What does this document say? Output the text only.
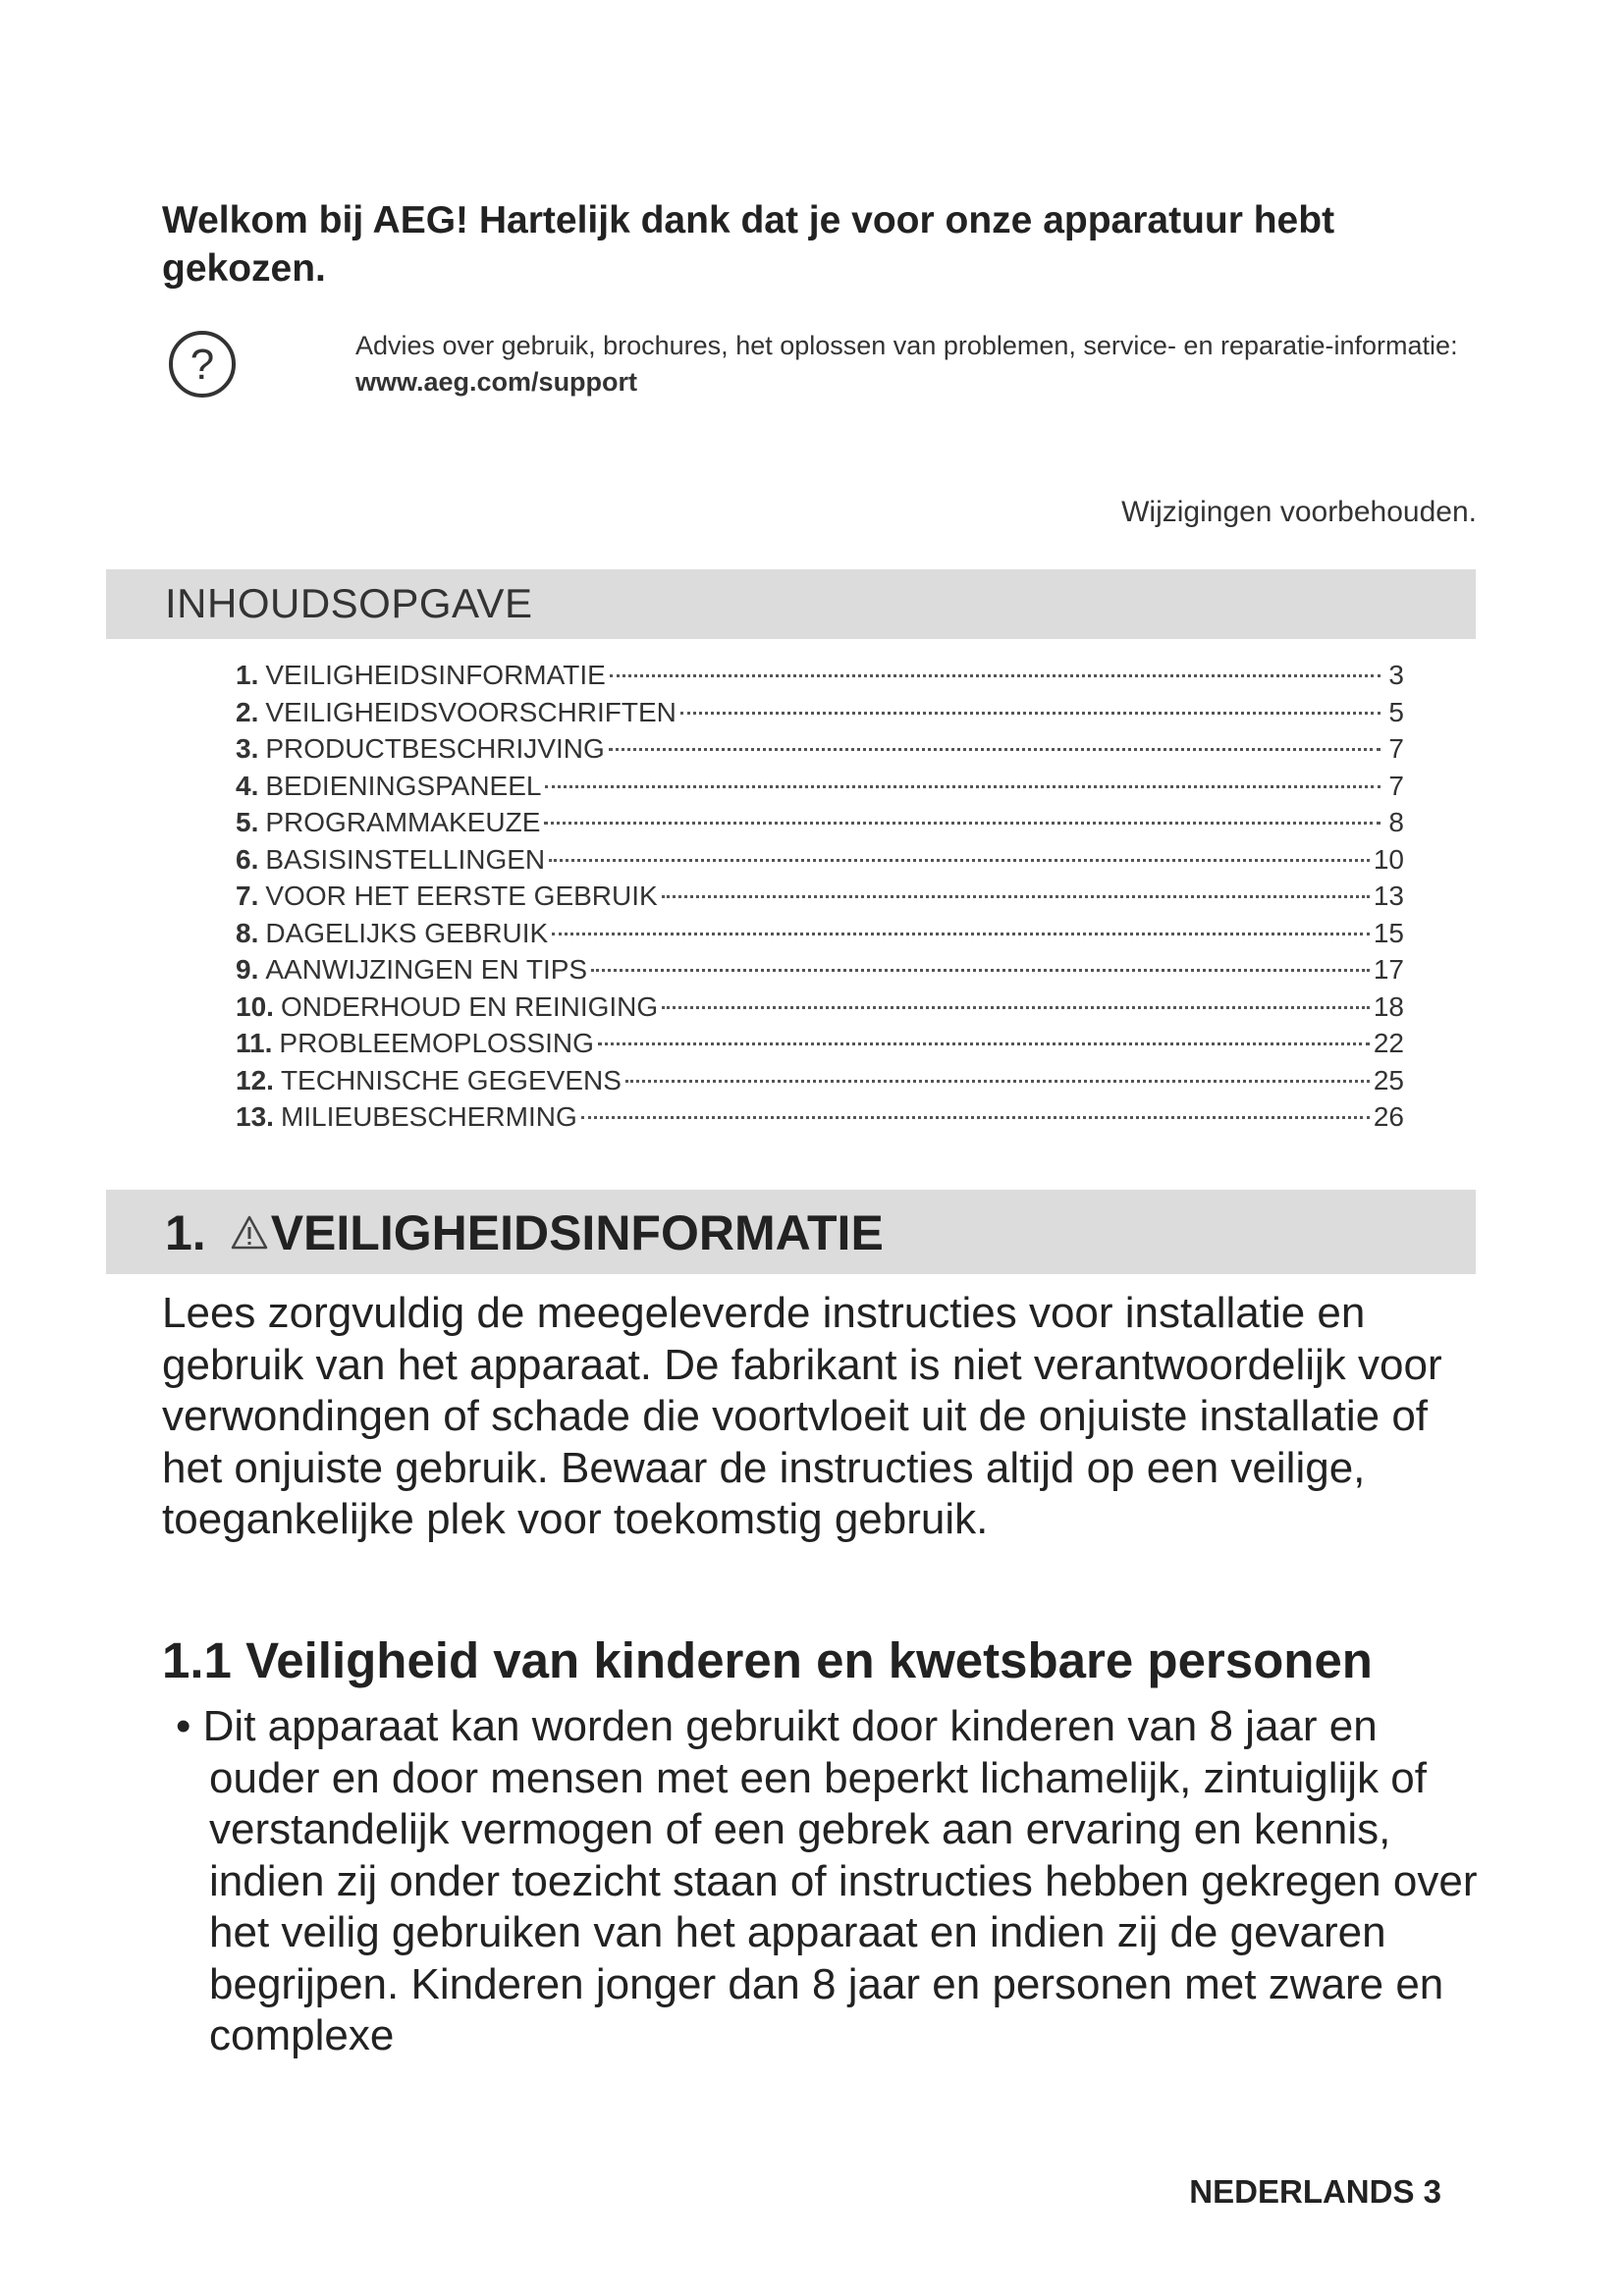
Welkom bij AEG! Hartelijk dank dat je voor onze apparatuur hebt gekozen.
?	Advies over gebruik, brochures, het oplossen van problemen, service- en reparatie-informatie:
www.aeg.com/support
Wijzigingen voorbehouden.
INHOUDSOPGAVE
1. VEILIGHEIDSINFORMATIE	3
2. VEILIGHEIDSVOORSCHRIFTEN	5
3. PRODUCTBESCHRIJVING	7
4. BEDIENINGSPANEEL	7
5. PROGRAMMAKEUZE	8
6. BASISINSTELLINGEN	10
7. VOOR HET EERSTE GEBRUIK	13
8. DAGELIJKS GEBRUIK	15
9. AANWIJZINGEN EN TIPS	17
10. ONDERHOUD EN REINIGING	18
11. PROBLEEMOPLOSSING	22
12. TECHNISCHE GEGEVENS	25
13. MILIEUBESCHERMING	26
1. VEILIGHEIDSINFORMATIE
Lees zorgvuldig de meegeleverde instructies voor installatie en gebruik van het apparaat. De fabrikant is niet verantwoordelijk voor verwondingen of schade die voortvloeit uit de onjuiste installatie of het onjuiste gebruik. Bewaar de instructies altijd op een veilige, toegankelijke plek voor toekomstig gebruik.
1.1 Veiligheid van kinderen en kwetsbare personen
• Dit apparaat kan worden gebruikt door kinderen van 8 jaar en ouder en door mensen met een beperkt lichamelijk, zintuiglijk of verstandelijk vermogen of een gebrek aan ervaring en kennis, indien zij onder toezicht staan of instructies hebben gekregen over het veilig gebruiken van het apparaat en indien zij de gevaren begrijpen. Kinderen jonger dan 8 jaar en personen met zware en complexe
NEDERLANDS 3
